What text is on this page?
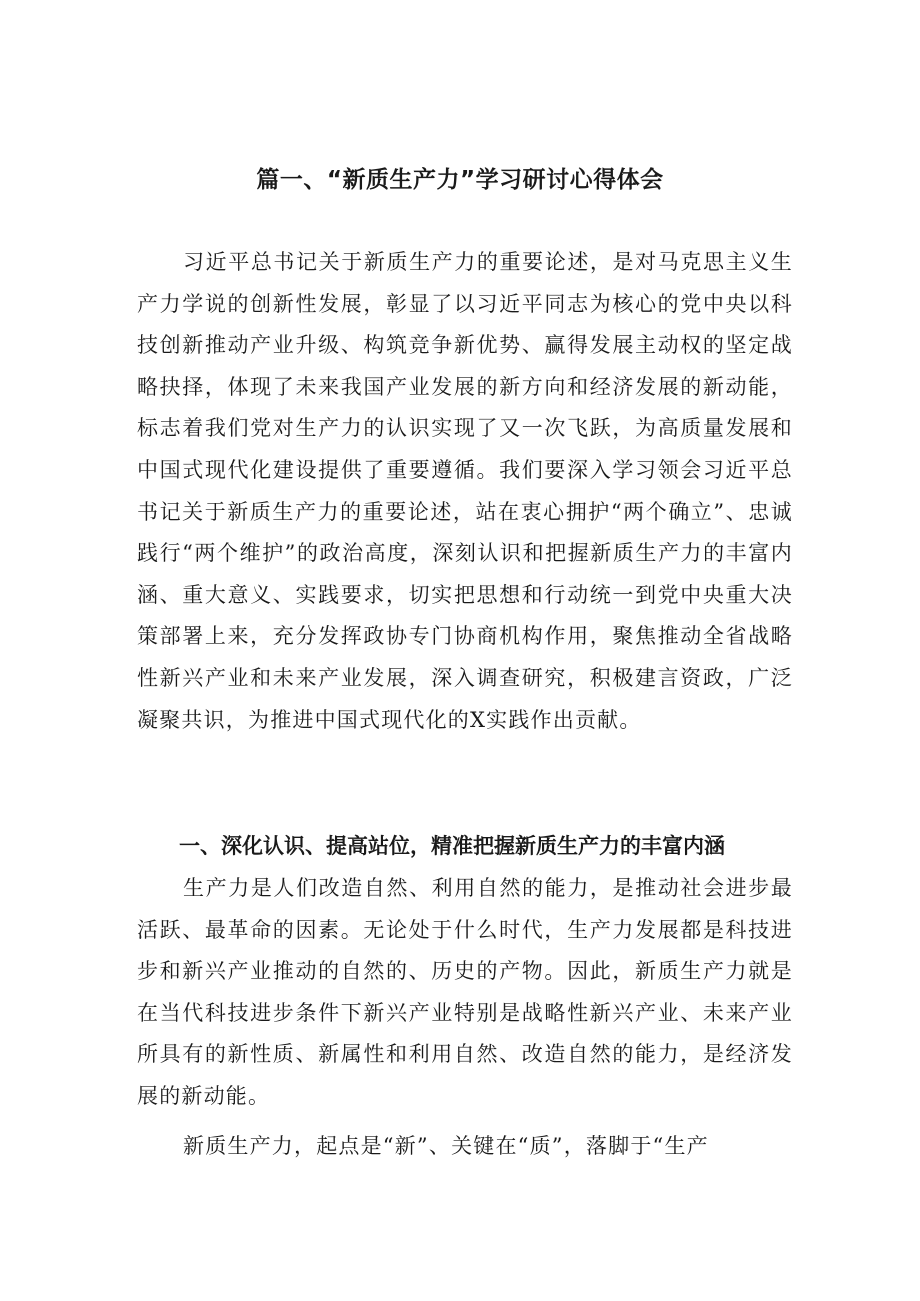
篇一、“新质生产力”学习研讨心得体会

习近平总书记关于新质生产力的重要论述，是对马克思主义生产力学说的创新性发展，彰显了以习近平同志为核心的党中央以科技创新推动产业升级、构筑竞争新优势、赢得发展主动权的坚定战略抉择，体现了未来我国产业发展的新方向和经济发展的新动能，标志着我们党对生产力的认识实现了又一次飞跃，为高质量发展和中国式现代化建设提供了重要遵循。我们要深入学习领会习近平总书记关于新质生产力的重要论述，站在衷心拥护“两个确立”、忠诚践行“两个维护”的政治高度，深刻认识和把握新质生产力的丰富内涵、重大意义、实践要求，切实把思想和行动统一到党中央重大决策部署上来，充分发挥政协专门协商机构作用，聚焦推动全省战略性新兴产业和未来产业发展，深入调查研究，积极建言资政，广泛凝聚共识，为推进中国式现代化的X实践作出贡献。

一、深化认识、提高站位，精准把握新质生产力的丰富内涵

生产力是人们改造自然、利用自然的能力，是推动社会进步最活跃、最革命的因素。无论处于什么时代，生产力发展都是科技进步和新兴产业推动的自然的、历史的产物。因此，新质生产力就是在当代科技进步条件下新兴产业特别是战略性新兴产业、未来产业所具有的新性质、新属性和利用自然、改造自然的能力，是经济发展的新动能。

新质生产力，起点是“新”、关键在“质”，落脚于“生产
